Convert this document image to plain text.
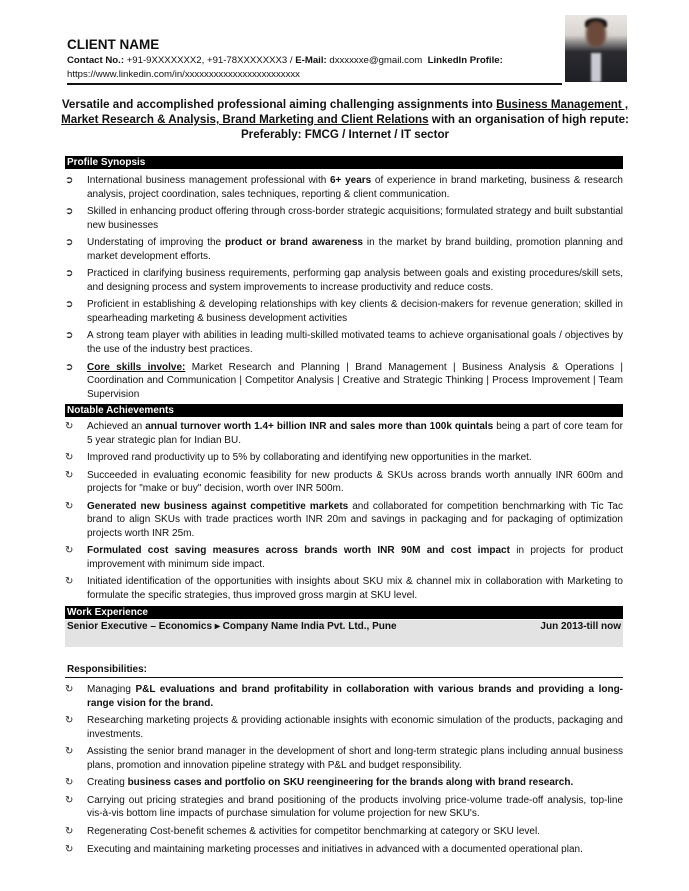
CLIENT NAME
Contact No.: +91-9XXXXXXX2, +91-78XXXXXXX3 / E-Mail: dxxxxxxe@gmail.com LinkedIn Profile: https://www.linkedin.com/in/xxxxxxxxxxxxxxxxxxxxxxxx
Versatile and accomplished professional aiming challenging assignments into Business Management , Market Research & Analysis, Brand Marketing and Client Relations with an organisation of high repute: Preferably: FMCG / Internet / IT sector
Profile Synopsis
➲ International business management professional with 6+ years of experience in brand marketing, business & research analysis, project coordination, sales techniques, reporting & client communication.
➲ Skilled in enhancing product offering through cross-border strategic acquisitions; formulated strategy and built substantial new businesses
➲ Understating of improving the product or brand awareness in the market by brand building, promotion planning and market development efforts.
➲ Practiced in clarifying business requirements, performing gap analysis between goals and existing procedures/skill sets, and designing process and system improvements to increase productivity and reduce costs.
➲ Proficient in establishing & developing relationships with key clients & decision-makers for revenue generation; skilled in spearheading marketing & business development activities
➲ A strong team player with abilities in leading multi-skilled motivated teams to achieve organisational goals / objectives by the use of the industry best practices.
➲ Core skills involve: Market Research and Planning | Brand Management | Business Analysis & Operations | Coordination and Communication | Competitor Analysis | Creative and Strategic Thinking | Process Improvement | Team Supervision
Notable Achievements
↻ Achieved an annual turnover worth 1.4+ billion INR and sales more than 100k quintals being a part of core team for 5 year strategic plan for Indian BU.
↻ Improved rand productivity up to 5% by collaborating and identifying new opportunities in the market.
↻ Succeeded in evaluating economic feasibility for new products & SKUs across brands worth annually INR 600m and projects for "make or buy" decision, worth over INR 500m.
↻ Generated new business against competitive markets and collaborated for competition benchmarking with Tic Tac brand to align SKUs with trade practices worth INR 20m and savings in packaging and for packaging of optimization projects worth INR 25m.
↻ Formulated cost saving measures across brands worth INR 90M and cost impact in projects for product improvement with minimum side impact.
↻ Initiated identification of the opportunities with insights about SKU mix & channel mix in collaboration with Marketing to formulate the specific strategies, thus improved gross margin at SKU level.
Work Experience
Senior Executive – Economics ▸ Company Name India Pvt. Ltd., Pune	Jun 2013-till now
Responsibilities:
↻ Managing P&L evaluations and brand profitability in collaboration with various brands and providing a long-range vision for the brand.
↻ Researching marketing projects & providing actionable insights with economic simulation of the products, packaging and investments.
↻ Assisting the senior brand manager in the development of short and long-term strategic plans including annual business plans, promotion and innovation pipeline strategy with P&L and budget responsibility.
↻ Creating business cases and portfolio on SKU reengineering for the brands along with brand research.
↻ Carrying out pricing strategies and brand positioning of the products involving price-volume trade-off analysis, top-line vis-à-vis bottom line impacts of purchase simulation for volume projection for new SKU's.
↻ Regenerating Cost-benefit schemes & activities for competitor benchmarking at category or SKU level.
↻ Executing and maintaining marketing processes and initiatives in advanced with a documented operational plan.
